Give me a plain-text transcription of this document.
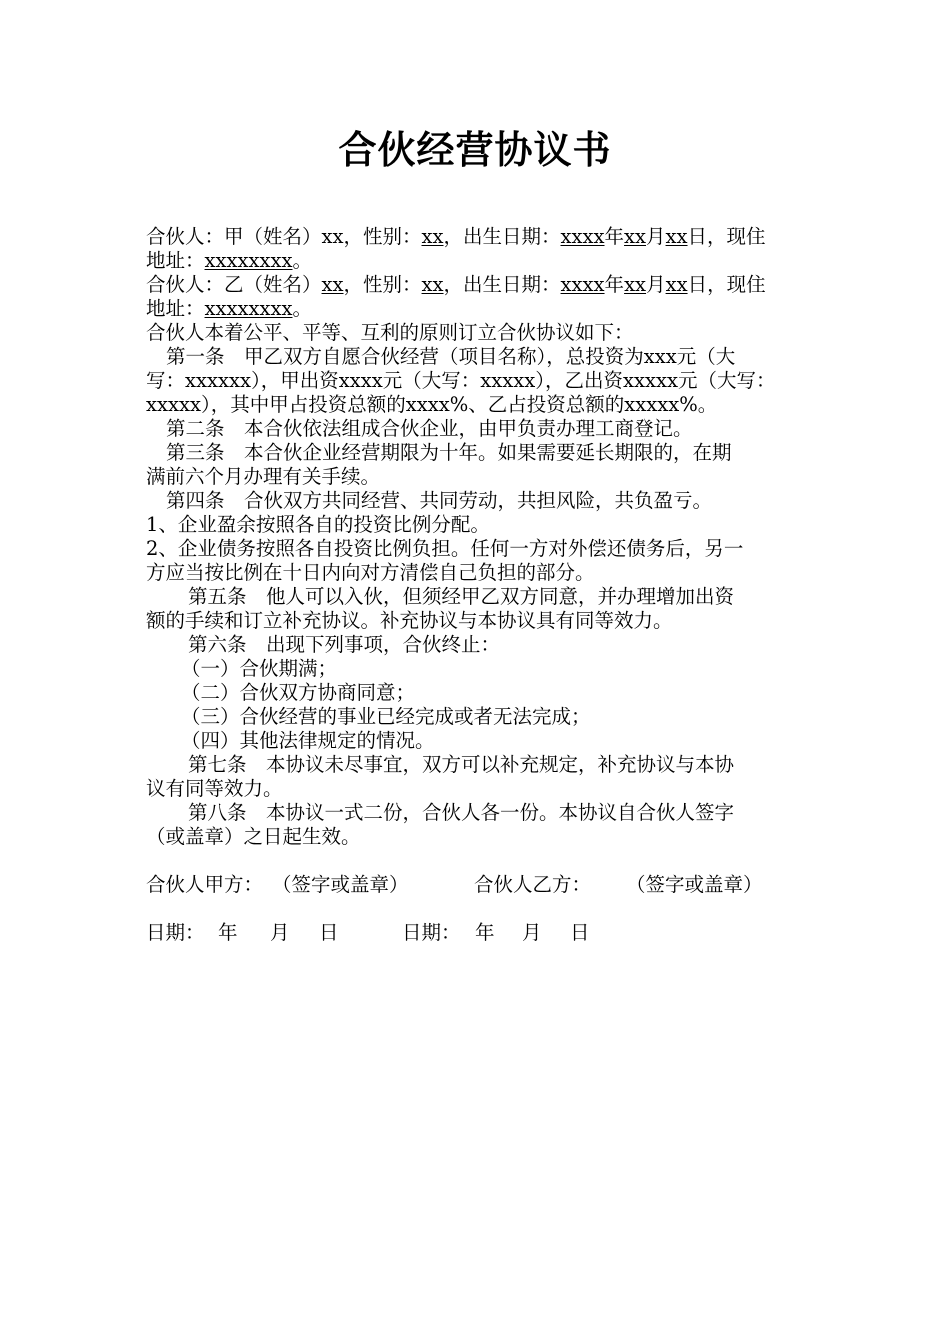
合伙经营协议书

合伙人：甲（姓名）xx，性别：xx，出生日期：xxxx年xx月xx日，现住

地址：xxxxxxxx。

合伙人：乙（姓名）xx，性别：xx，出生日期：xxxx年xx月xx日，现住

地址：xxxxxxxx。

合伙人本着公平、平等、互利的原则订立合伙协议如下：

第一条　甲乙双方自愿合伙经营（项目名称），总投资为xxx元（大

写：xxxxxx），甲出资xxxx元（大写：xxxxx），乙出资xxxxx元（大写：

xxxxx），其中甲占投资总额的xxxx%、乙占投资总额的xxxxx%。

第二条　本合伙依法组成合伙企业，由甲负责办理工商登记。

第三条　本合伙企业经营期限为十年。如果需要延长期限的，在期

满前六个月办理有关手续。

第四条　合伙双方共同经营、共同劳动，共担风险，共负盈亏。

1、企业盈余按照各自的投资比例分配。

2、企业债务按照各自投资比例负担。任何一方对外偿还债务后，另一

方应当按比例在十日内向对方清偿自己负担的部分。

第五条　他人可以入伙，但须经甲乙双方同意，并办理增加出资

额的手续和订立补充协议。补充协议与本协议具有同等效力。

第六条　出现下列事项，合伙终止：

（一）合伙期满；

（二）合伙双方协商同意；

（三）合伙经营的事业已经完成或者无法完成；

（四）其他法律规定的情况。

第七条　本协议未尽事宜，双方可以补充规定，补充协议与本协

议有同等效力。

第八条　本协议一式二份，合伙人各一份。本协议自合伙人签字

（或盖章）之日起生效。

合伙人甲方： （签字或盖章）	合伙人乙方： （签字或盖章）
日期： 年 月 日	日期： 年 月 日
